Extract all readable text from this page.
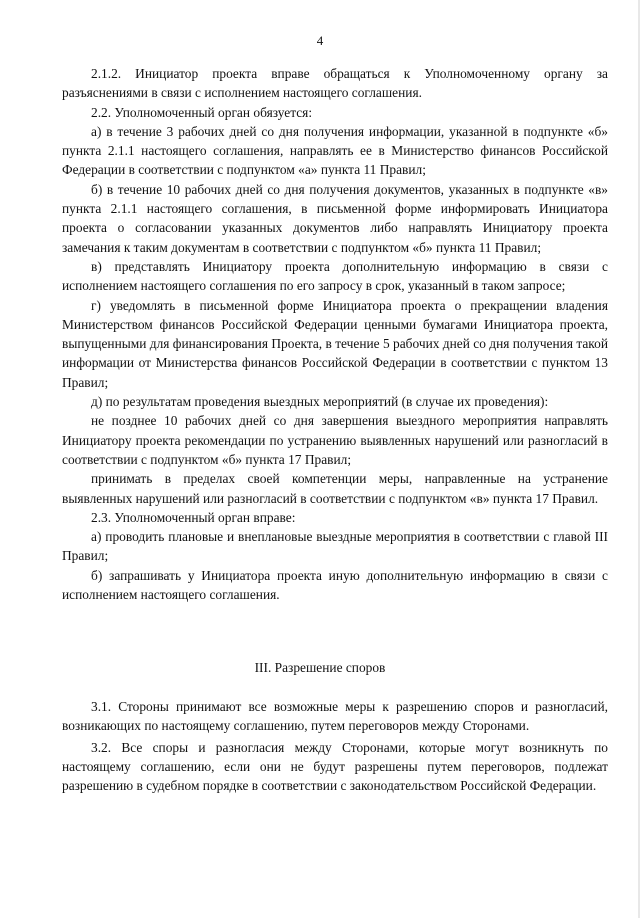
4

2.1.2. Инициатор проекта вправе обращаться к Уполномоченному органу за разъяснениями в связи с исполнением настоящего соглашения.

2.2. Уполномоченный орган обязуется:

а) в течение 3 рабочих дней со дня получения информации, указанной в подпункте «б» пункта 2.1.1 настоящего соглашения, направлять ее в Министерство финансов Российской Федерации в соответствии с подпунктом «а» пункта 11 Правил;

б) в течение 10 рабочих дней со дня получения документов, указанных в подпункте «в» пункта 2.1.1 настоящего соглашения, в письменной форме информировать Инициатора проекта о согласовании указанных документов либо направлять Инициатору проекта замечания к таким документам в соответствии с подпунктом «б» пункта 11 Правил;

в) представлять Инициатору проекта дополнительную информацию в связи с исполнением настоящего соглашения по его запросу в срок, указанный в таком запросе;

г) уведомлять в письменной форме Инициатора проекта о прекращении владения Министерством финансов Российской Федерации ценными бумагами Инициатора проекта, выпущенными для финансирования Проекта, в течение 5 рабочих дней со дня получения такой информации от Министерства финансов Российской Федерации в соответствии с пунктом 13 Правил;

д) по результатам проведения выездных мероприятий (в случае их проведения):

не позднее 10 рабочих дней со дня завершения выездного мероприятия направлять Инициатору проекта рекомендации по устранению выявленных нарушений или разногласий в соответствии с подпунктом «б» пункта 17 Правил;

принимать в пределах своей компетенции меры, направленные на устранение выявленных нарушений или разногласий в соответствии с подпунктом «в» пункта 17 Правил.

2.3. Уполномоченный орган вправе:

а) проводить плановые и внеплановые выездные мероприятия в соответствии с главой III Правил;

б) запрашивать у Инициатора проекта иную дополнительную информацию в связи с исполнением настоящего соглашения.

III. Разрешение споров

3.1. Стороны принимают все возможные меры к разрешению споров и разногласий, возникающих по настоящему соглашению, путем переговоров между Сторонами.

3.2. Все споры и разногласия между Сторонами, которые могут возникнуть по настоящему соглашению, если они не будут разрешены путем переговоров, подлежат разрешению в судебном порядке в соответствии с законодательством Российской Федерации.
